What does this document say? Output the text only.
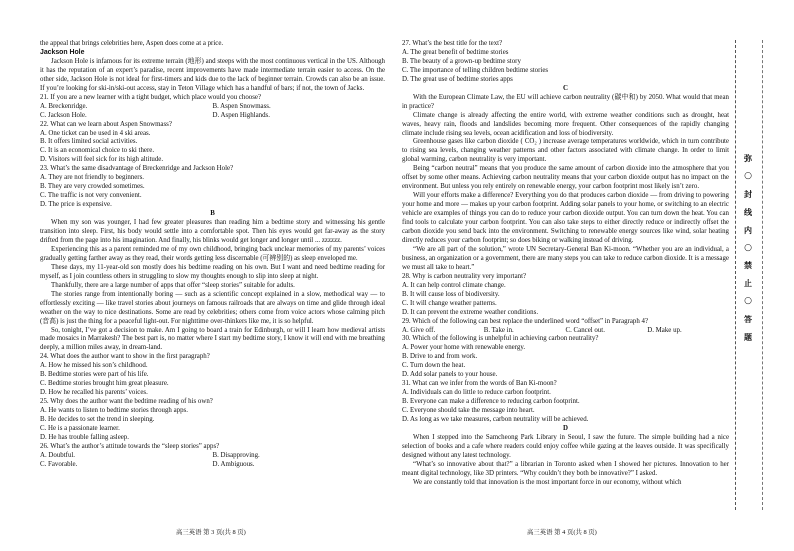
the appeal that brings celebrities here, Aspen does come at a price.

Jackson Hole

Jackson Hole is infamous for its extreme terrain (地形) and steeps with the most continuous vertical in the US. Although it has the reputation of an expert’s paradise, recent improvements have made intermediate terrain easier to access. On the other side, Jackson Hole is not ideal for first-timers and kids due to the lack of beginner terrain. Crowds can also be an issue. If you’re looking for ski-in/ski-out access, stay in Teton Village which has a handful of bars; if not, the town of Jacks.

21. If you are a new learner with a tight budget, which place would you choose?

A. Breckenridge.	B. Aspen Snowmass.
C. Jackson Hole.	D. Aspen Highlands.

22. What can we learn about Aspen Snowmass?

A. One ticket can be used in 4 ski areas.

B. It offers limited social activities.

C. It is an economical choice to ski there.

D. Visitors will feel sick for its high altitude.

23. What’s the same disadvantage of Breckenridge and Jackson Hole?

A. They are not friendly to beginners.

B. They are very crowded sometimes.

C. The traffic is not very convenient.

D. The price is expensive.

B

When my son was younger, I had few greater pleasures than reading him a bedtime story and witnessing his gentle transition into sleep. First, his body would settle into a comfortable spot. Then his eyes would get far-away as the story drifted from the page into his imagination. And finally, his blinks would get longer and longer until ... zzzzzz.

Experiencing this as a parent reminded me of my own childhood, bringing back unclear memories of my parents’ voices gradually getting farther away as they read, their words getting less discernable (可辨别的) as sleep enveloped me.

These days, my 11-year-old son mostly does his bedtime reading on his own. But I want and need bedtime reading for myself, as I join countless others in struggling to slow my thoughts enough to slip into sleep at night.

Thankfully, there are a large number of apps that offer “sleep stories” suitable for adults.

The stories range from intentionally boring — such as a scientific concept explained in a slow, methodical way — to effortlessly exciting — like travel stories about journeys on famous railroads that are always on time and glide through ideal weather on the way to nice destinations. Some are read by celebrities; others come from voice actors whose calming pitch (音高) is just the thing for a peaceful light-out. For nighttime over-thinkers like me, it is so helpful.

So, tonight, I’ve got a decision to make. Am I going to board a train for Edinburgh, or will I learn how medieval artists made mosaics in Marrakesh? The best part is, no matter where I start my bedtime story, I know it will end with me breathing deeply, a million miles away, in dream-land.

24. What does the author want to show in the first paragraph?

A. How he missed his son’s childhood.

B. Bedtime stories were part of his life.

C. Bedtime stories brought him great pleasure.

D. How he recalled his parents’ voices.

25. Why does the author want the bedtime reading of his own?

A. He wants to listen to bedtime stories through apps.

B. He decides to set the trend in sleeping.

C. He is a passionate learner.

D. He has trouble falling asleep.

26. What’s the author’s attitude towards the “sleep stories” apps?

A. Doubtful.	B. Disapproving.
C. Favorable.	D. Ambiguous.

27. What’s the best title for the text?

A. The great benefit of bedtime stories

B. The beauty of a grown-up bedtime story

C. The importance of telling children bedtime stories

D. The great use of bedtime stories apps

C

With the European Climate Law, the EU will achieve carbon neutrality (碳中和) by 2050. What would that mean in practice?

Climate change is already affecting the entire world, with extreme weather conditions such as drought, heat waves, heavy rain, floods and landslides becoming more frequent. Other consequences of the rapidly changing climate include rising sea levels, ocean acidification and loss of biodiversity.

Greenhouse gases like carbon dioxide ( CO₂ ) increase average temperatures worldwide, which in turn contribute to rising sea levels, changing weather patterns and other factors associated with climate change. In order to limit global warming, carbon neutrality is very important.

Being “carbon neutral” means that you produce the same amount of carbon dioxide into the atmosphere that you offset by some other means. Achieving carbon neutrality means that your carbon dioxide output has no impact on the environment. But unless you rely entirely on renewable energy, your carbon footprint most likely isn’t zero.

Will your efforts make a difference? Everything you do that produces carbon dioxide — from driving to powering your home and more — makes up your carbon footprint. Adding solar panels to your home, or switching to an electric vehicle are examples of things you can do to reduce your carbon dioxide output. You can turn down the heat. You can find tools to calculate your carbon footprint. You can also take steps to either directly reduce or indirectly offset the carbon dioxide you send back into the environment. Switching to renewable energy sources like wind, solar heating directly reduces your carbon footprint; so does biking or walking instead of driving.

“We are all part of the solution,” wrote UN Secretary-General Ban Ki-moon. “Whether you are an individual, a business, an organization or a government, there are many steps you can take to reduce carbon dioxide. It is a message we must all take to heart.”

28. Why is carbon neutrality very important?

A. It can help control climate change.

B. It will cause loss of biodiversity.

C. It will change weather patterns.

D. It can prevent the extreme weather conditions.

29. Which of the following can best replace the underlined word “offset” in Paragraph 4?

A. Give off.	B. Take in.	C. Cancel out.	D. Make up.

30. Which of the following is unhelpful in achieving carbon neutrality?

A. Power your home with renewable energy.

B. Drive to and from work.

C. Turn down the heat.

D. Add solar panels to your house.

31. What can we infer from the words of Ban Ki-moon?

A. Individuals can do little to reduce carbon footprint.

B. Everyone can make a difference to reducing carbon footprint.

C. Everyone should take the message into heart.

D. As long as we take measures, carbon neutrality will be achieved.

D

When I stepped into the Samcheong Park Library in Seoul, I saw the future. The simple building had a nice selection of books and a cafe where readers could enjoy coffee while gazing at the leaves outside. It was specifically designed without any latest technology.

“What’s so innovative about that?” a librarian in Toronto asked when I showed her pictures. Innovation to her meant digital technology, like 3D printers. “Why couldn’t they both be innovative?” I asked.

We are constantly told that innovation is the most important force in our economy, without which

高三英语 第 3 页(共 8 页)	高三英语 第 4 页(共 8 页)
弥
○
封
线
内
○
禁
止
○
答
题
